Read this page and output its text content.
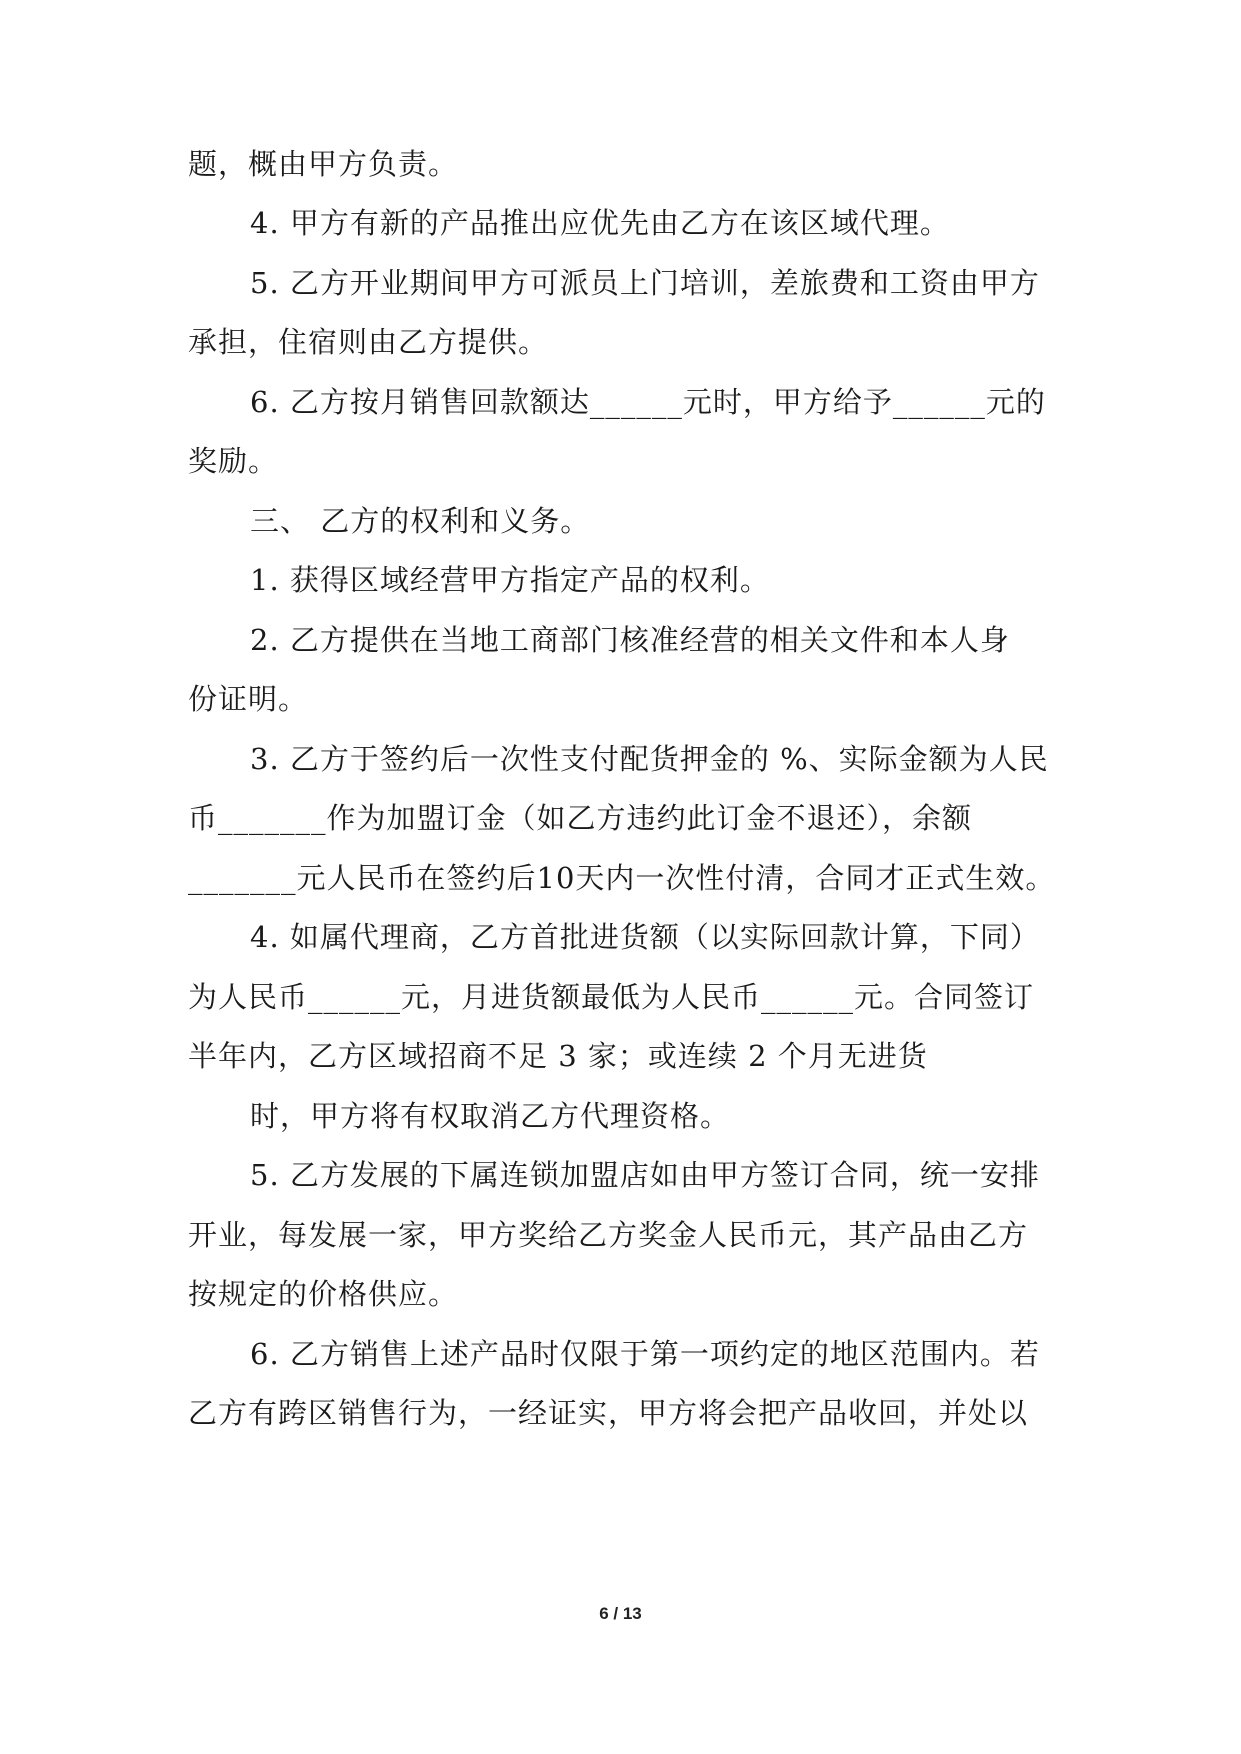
题，概由甲方负责。
4. 甲方有新的产品推出应优先由乙方在该区域代理。
5. 乙方开业期间甲方可派员上门培训，差旅费和工资由甲方
承担，住宿则由乙方提供。
6. 乙方按月销售回款额达______元时，甲方给予______元的
奖励。
三、 乙方的权利和义务。
1. 获得区域经营甲方指定产品的权利。
2. 乙方提供在当地工商部门核准经营的相关文件和本人身
份证明。
3. 乙方于签约后一次性支付配货押金的 %、实际金额为人民
币_______作为加盟订金（如乙方违约此订金不退还），余额
_______元人民币在签约后10天内一次性付清，合同才正式生效。
4. 如属代理商，乙方首批进货额（以实际回款计算，下同）
为人民币______元，月进货额最低为人民币______元。合同签订
半年内，乙方区域招商不足 3 家；或连续 2 个月无进货
时，甲方将有权取消乙方代理资格。
5. 乙方发展的下属连锁加盟店如由甲方签订合同，统一安排
开业，每发展一家，甲方奖给乙方奖金人民币元，其产品由乙方
按规定的价格供应。
6. 乙方销售上述产品时仅限于第一项约定的地区范围内。若
乙方有跨区销售行为，一经证实，甲方将会把产品收回，并处以
6 / 13
